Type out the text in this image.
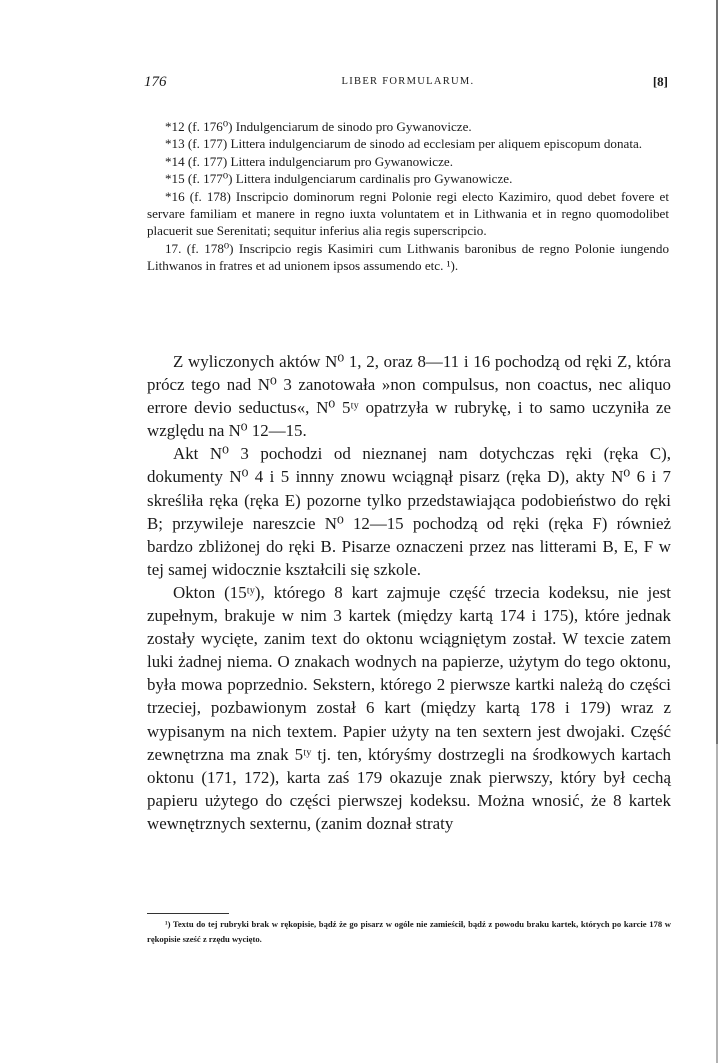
176	LIBER FORMULARUM.	[8]

*12 (f. 176⁰) Indulgenciarum de sinodo pro Gywanovicze.

*13 (f. 177) Littera indulgenciarum de sinodo ad ecclesiam per aliquem episcopum donata.

*14 (f. 177) Littera indulgenciarum pro Gywanowicze.

*15 (f. 177⁰) Littera indulgenciarum cardinalis pro Gywanowicze.

*16 (f. 178) Inscripcio dominorum regni Polonie regi electo Kazimiro, quod debet fovere et servare familiam et manere in regno iuxta voluntatem et in Lithwania et in regno quomodolibet placuerit sue Serenitati; sequitur inferius alia regis superscripcio.

17. (f. 178⁰) Inscripcio regis Kasimiri cum Lithwanis baronibus de regno Polonie iungendo Lithwanos in fratres et ad unionem ipsos assumendo etc. ¹).

Z wyliczonych aktów N⁰ 1, 2, oraz 8—11 i 16 pochodzą od ręki Z, która prócz tego nad N⁰ 3 zanotowała »non compulsus, non coactus, nec aliquo errore devio seductus«, N⁰ 5ᵗʸ opatrzyła w rubrykę, i to samo uczyniła ze względu na N⁰ 12—15.

Akt N⁰ 3 pochodzi od nieznanej nam dotychczas ręki (ręka C), dokumenty N⁰ 4 i 5 innny znowu wciągnął pisarz (ręka D), akty N⁰ 6 i 7 skreśliła ręka (ręka E) pozorne tylko przedstawiająca podobieństwo do ręki B; przywileje nareszcie N⁰ 12—15 pochodzą od ręki (ręka F) również bardzo zbliżonej do ręki B. Pisarze oznaczeni przez nas litterami B, E, F w tej samej widocznie kształcili się szkole.

Okton (15ᵗʸ), którego 8 kart zajmuje część trzecia kodeksu, nie jest zupełnym, brakuje w nim 3 kartek (między kartą 174 i 175), które jednak zostały wycięte, zanim text do oktonu wciągniętym został. W texcie zatem luki żadnej niema. O znakach wodnych na papierze, użytym do tego oktonu, była mowa poprzednio. Sekstern, którego 2 pierwsze kartki należą do części trzeciej, pozbawionym został 6 kart (między kartą 178 i 179) wraz z wypisanym na nich textem. Papier użyty na ten sextern jest dwojaki. Część zewnętrzna ma znak 5ᵗʸ tj. ten, któryśmy dostrzegli na środkowych kartach oktonu (171, 172), karta zaś 179 okazuje znak pierwszy, który był cechą papieru użytego do części pierwszej kodeksu. Można wnosić, że 8 kartek wewnętrznych sexternu, (zanim doznał straty

¹) Textu do tej rubryki brak w rękopisie, bądź że go pisarz w ogóle nie zamieścił, bądź z powodu braku kartek, których po karcie 178 w rękopisie sześć z rzędu wycięto.
